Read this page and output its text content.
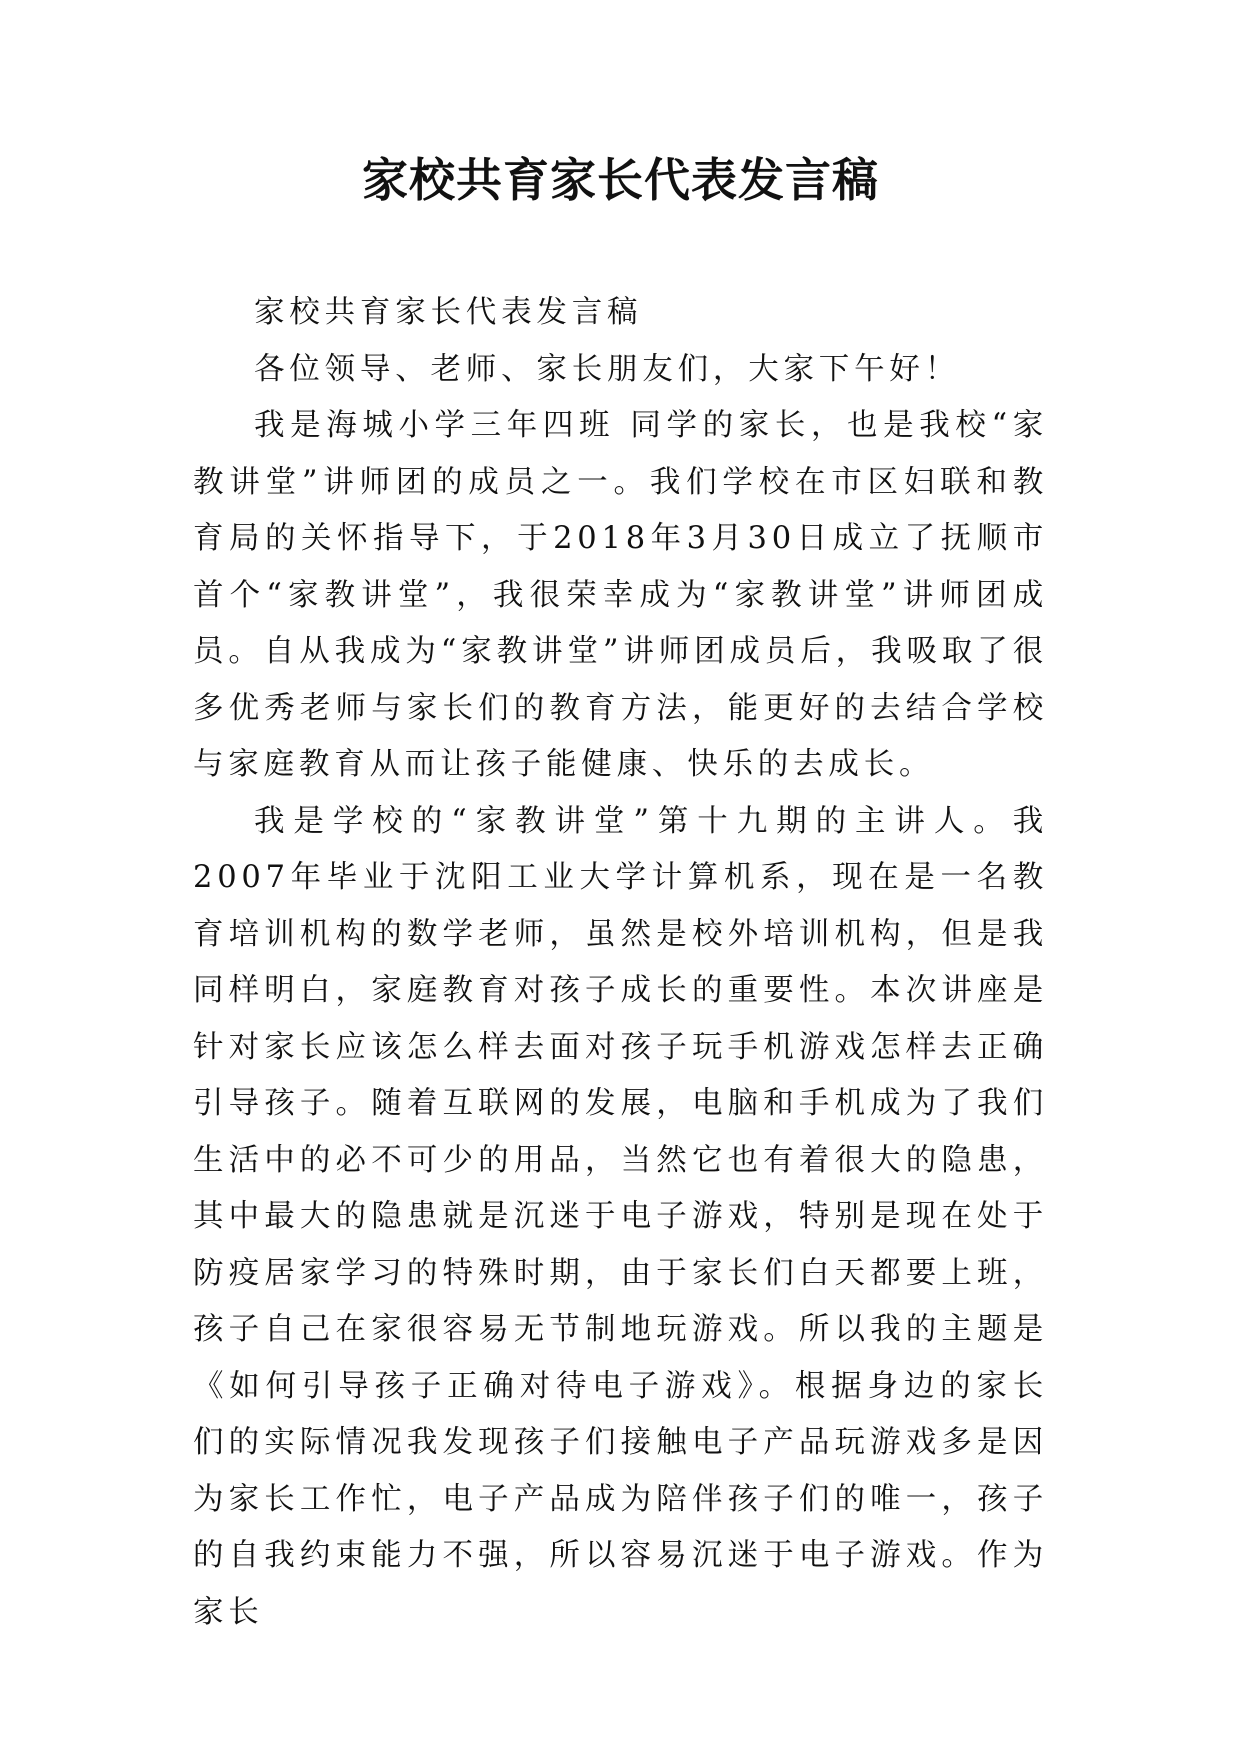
家校共育家长代表发言稿

家校共育家长代表发言稿

各位领导、老师、家长朋友们，大家下午好！

我是海城小学三年四班 同学的家长，也是我校“家教讲堂”讲师团的成员之一。我们学校在市区妇联和教育局的关怀指导下，于2018年3月30日成立了抚顺市首个“家教讲堂”，我很荣幸成为“家教讲堂”讲师团成员。自从我成为“家教讲堂”讲师团成员后，我吸取了很多优秀老师与家长们的教育方法，能更好的去结合学校与家庭教育从而让孩子能健康、快乐的去成长。

我是学校的“家教讲堂”第十九期的主讲人。我2007年毕业于沈阳工业大学计算机系，现在是一名教育培训机构的数学老师，虽然是校外培训机构，但是我同样明白，家庭教育对孩子成长的重要性。本次讲座是针对家长应该怎么样去面对孩子玩手机游戏怎样去正确引导孩子。随着互联网的发展，电脑和手机成为了我们生活中的必不可少的用品，当然它也有着很大的隐患，其中最大的隐患就是沉迷于电子游戏，特别是现在处于防疫居家学习的特殊时期，由于家长们白天都要上班，孩子自己在家很容易无节制地玩游戏。所以我的主题是《如何引导孩子正确对待电子游戏》。根据身边的家长们的实际情况我发现孩子们接触电子产品玩游戏多是因为家长工作忙，电子产品成为陪伴孩子们的唯一，孩子的自我约束能力不强，所以容易沉迷于电子游戏。作为家长
